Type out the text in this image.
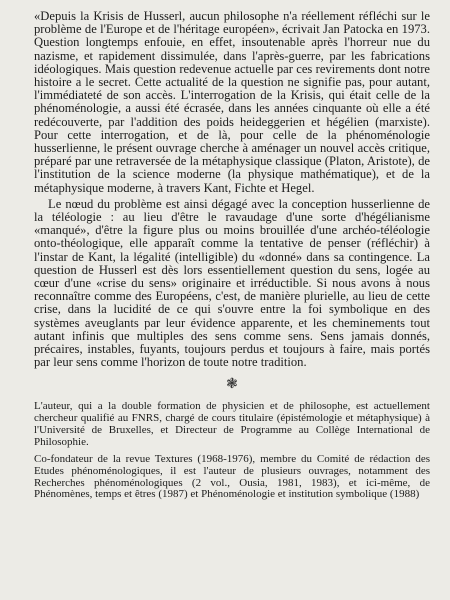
«Depuis la Krisis de Husserl, aucun philosophe n'a réellement réfléchi sur le problème de l'Europe et de l'héritage européen», écrivait Jan Patocka en 1973. Question longtemps enfouie, en effet, insoutenable après l'horreur nue du nazisme, et rapidement dissimulée, dans l'après-guerre, par les fabrications idéologiques. Mais question redevenue actuelle par ces revirements dont notre histoire a le secret. Cette actualité de la question ne signifie pas, pour autant, l'immédiateté de son accès. L'interrogation de la Krisis, qui était celle de la phénoménologie, a aussi été écrasée, dans les années cinquante où elle a été redécouverte, par l'addition des poids heideggerien et hégélien (marxiste). Pour cette interrogation, et de là, pour celle de la phénoménologie husserlienne, le présent ouvrage cherche à aménager un nouvel accès critique, préparé par une retraversée de la métaphysique classique (Platon, Aristote), de l'institution de la science moderne (la physique mathématique), et de la métaphysique moderne, à travers Kant, Fichte et Hegel.

Le nœud du problème est ainsi dégagé avec la conception husserlienne de la téléologie : au lieu d'être le ravaudage d'une sorte d'hégélianisme «manqué», d'être la figure plus ou moins brouillée d'une archéo-téléologie onto-théologique, elle apparaît comme la tentative de penser (réfléchir) à l'instar de Kant, la légalité (intelligible) du «donné» dans sa contingence. La question de Husserl est dès lors essentiellement question du sens, logée au cœur d'une «crise du sens» originaire et irréductible. Si nous avons à nous reconnaître comme des Européens, c'est, de manière plurielle, au lieu de cette crise, dans la lucidité de ce qui s'ouvre entre la foi symbolique en des systèmes aveuglants par leur évidence apparente, et les cheminements tout autant infinis que multiples des sens comme sens. Sens jamais donnés, précaires, instables, fuyants, toujours perdus et toujours à faire, mais portés par leur sens comme l'horizon de toute notre tradition.

❃

L'auteur, qui a la double formation de physicien et de philosophe, est actuellement chercheur qualifié au FNRS, chargé de cours titulaire (épistémologie et métaphysique) à l'Université de Bruxelles, et Directeur de Programme au Collège International de Philosophie.

Co-fondateur de la revue Textures (1968-1976), membre du Comité de rédaction des Etudes phénoménologiques, il est l'auteur de plusieurs ouvrages, notamment des Recherches phénoménologiques (2 vol., Ousia, 1981, 1983), et ici-même, de Phénomènes, temps et êtres (1987) et Phénoménologie et institution symbolique (1988)
